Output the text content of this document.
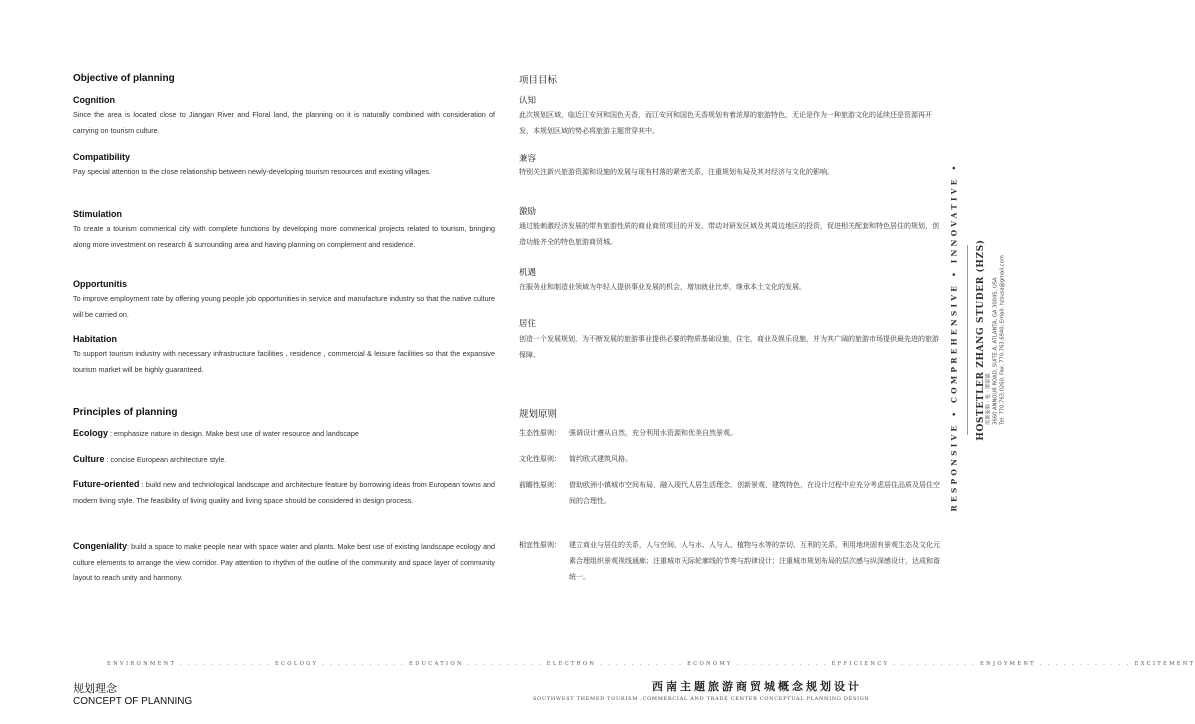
Objective of planning
Cognition
Since the area is located close to Jiangan River and Floral land, the planning on it is naturally combined with consideration of carrying on tourism culture.
Compatibility
Pay special attention to the close relationship between newly-developing tourism resources and existing villages.
Stimulation
To create a tourism commerical city with complete functions by developing more commerical projects related to tourism, bringing along more investment on research & surrounding area and having planning on complement and residence.
Opportunitis
To improve employment rate by offering young people job opportunities in service and manufacture industry so that the native culture will be carried on.
Habitation
To support tourism industry with necessary infrastructure facilities , residence , commercial & leisure facilities so that the expansive tourism market will be highly guaranteed.
Principles of planning
Ecology : emphasize nature in design. Make best use of water resource and landscape
Culture : concise European architecture style.
Future-oriented : build new and technological landscape and architecture feature by borrowing ideas from European towns and modern living style. The feasibility of living quality and living space should be considered in design process.
Congeniality: build a space to make people near with space water and plants. Make best use of existing landscape ecology and culture elements to arrange the view corridor. Pay attention to rhythm of the outline of the community and space layer of community layout to reach unity and harmony.
项目目标
认知
此次规划区域，临近江安河和国色天香，而江安河和国色天香规划有着浓厚的旅游特色，无论是作为一种旅游文化的延续还是资源再开发，本规划区域的势必将旅游主题贯穿其中。
兼容
特别关注新兴旅游资源和设施的发展与现有村落的紧密关系，注重规划布局及其对经济与文化的影响。
激励
通过能刺激经济发展的带有旅游性质的商业商贸项目的开发，带动对研发区域及其周边地区的投资，促进相关配套和特色居住的规划，创造功能齐全的特色旅游商贸城。
机遇
在服务业和制造业领域为年轻人提供事业发展的机会，增加就业比率，继承本土文化的发展。
居住
创造一个发展规划，为不断发展的旅游事业提供必要的物质基础设施，住宅，商业及娱乐设施，并为其广阔的旅游市场提供最先进的旅游保障。
规划原则
生态性原则：	强调设计遵从自然，充分利用水资源和优美自然景观。
文化性原则：	简约欧式建筑风格。
前瞻性原则：	借助欧洲小镇城市空间布局，融入现代人居生活理念，创新景观、建筑特色，在设计过程中应充分考虑居住品质及居住空间的合理性。
相宜性原则：	建立商业与居住的关系，人与空间、人与水、人与人、植物与水等的亲切、互利的关系，利用地块固有景观生态及文化元素合理组织景观视线通廊；注重城市天际轮廓线的节奏与韵律设计；注重城市规划布局的层次感与纵深感设计，达成和谐统一。
RESPONSIVE • COMPREHENSIVE • INNOVATIVE • HOSTETLER ZHANG STUDER (HZS) 浩斯泰勒 · 张 · 斯蒂德 3660 ANNOUR ROAD, SUITE A, ATLANTA, GA 30045, USA Tel: 770.763.0260, Fax: 770.763.6940, Email: hzsusa@gmail.com
ENVIRONMENT . . . . . . . . . . . . ECOLOGY . . . . . . . . . . . EDUCATION . . . . . . . . . . ELECTRON . . . . . . . . . . . ECONOMY . . . . . . . . . . . . EFFICIENCY . . . . . . . . . . . ENJOYMENT . . . . . . . . . . . . EXCITEMENT
规划理念
CONCEPT OF PLANNING
西南主题旅游商贸城概念规划设计
SOUTHWEST THEMED TOURISM ,COMMERCIAL AND TRADE CENTER CONCEPTUAL PLANNING DESIGN
